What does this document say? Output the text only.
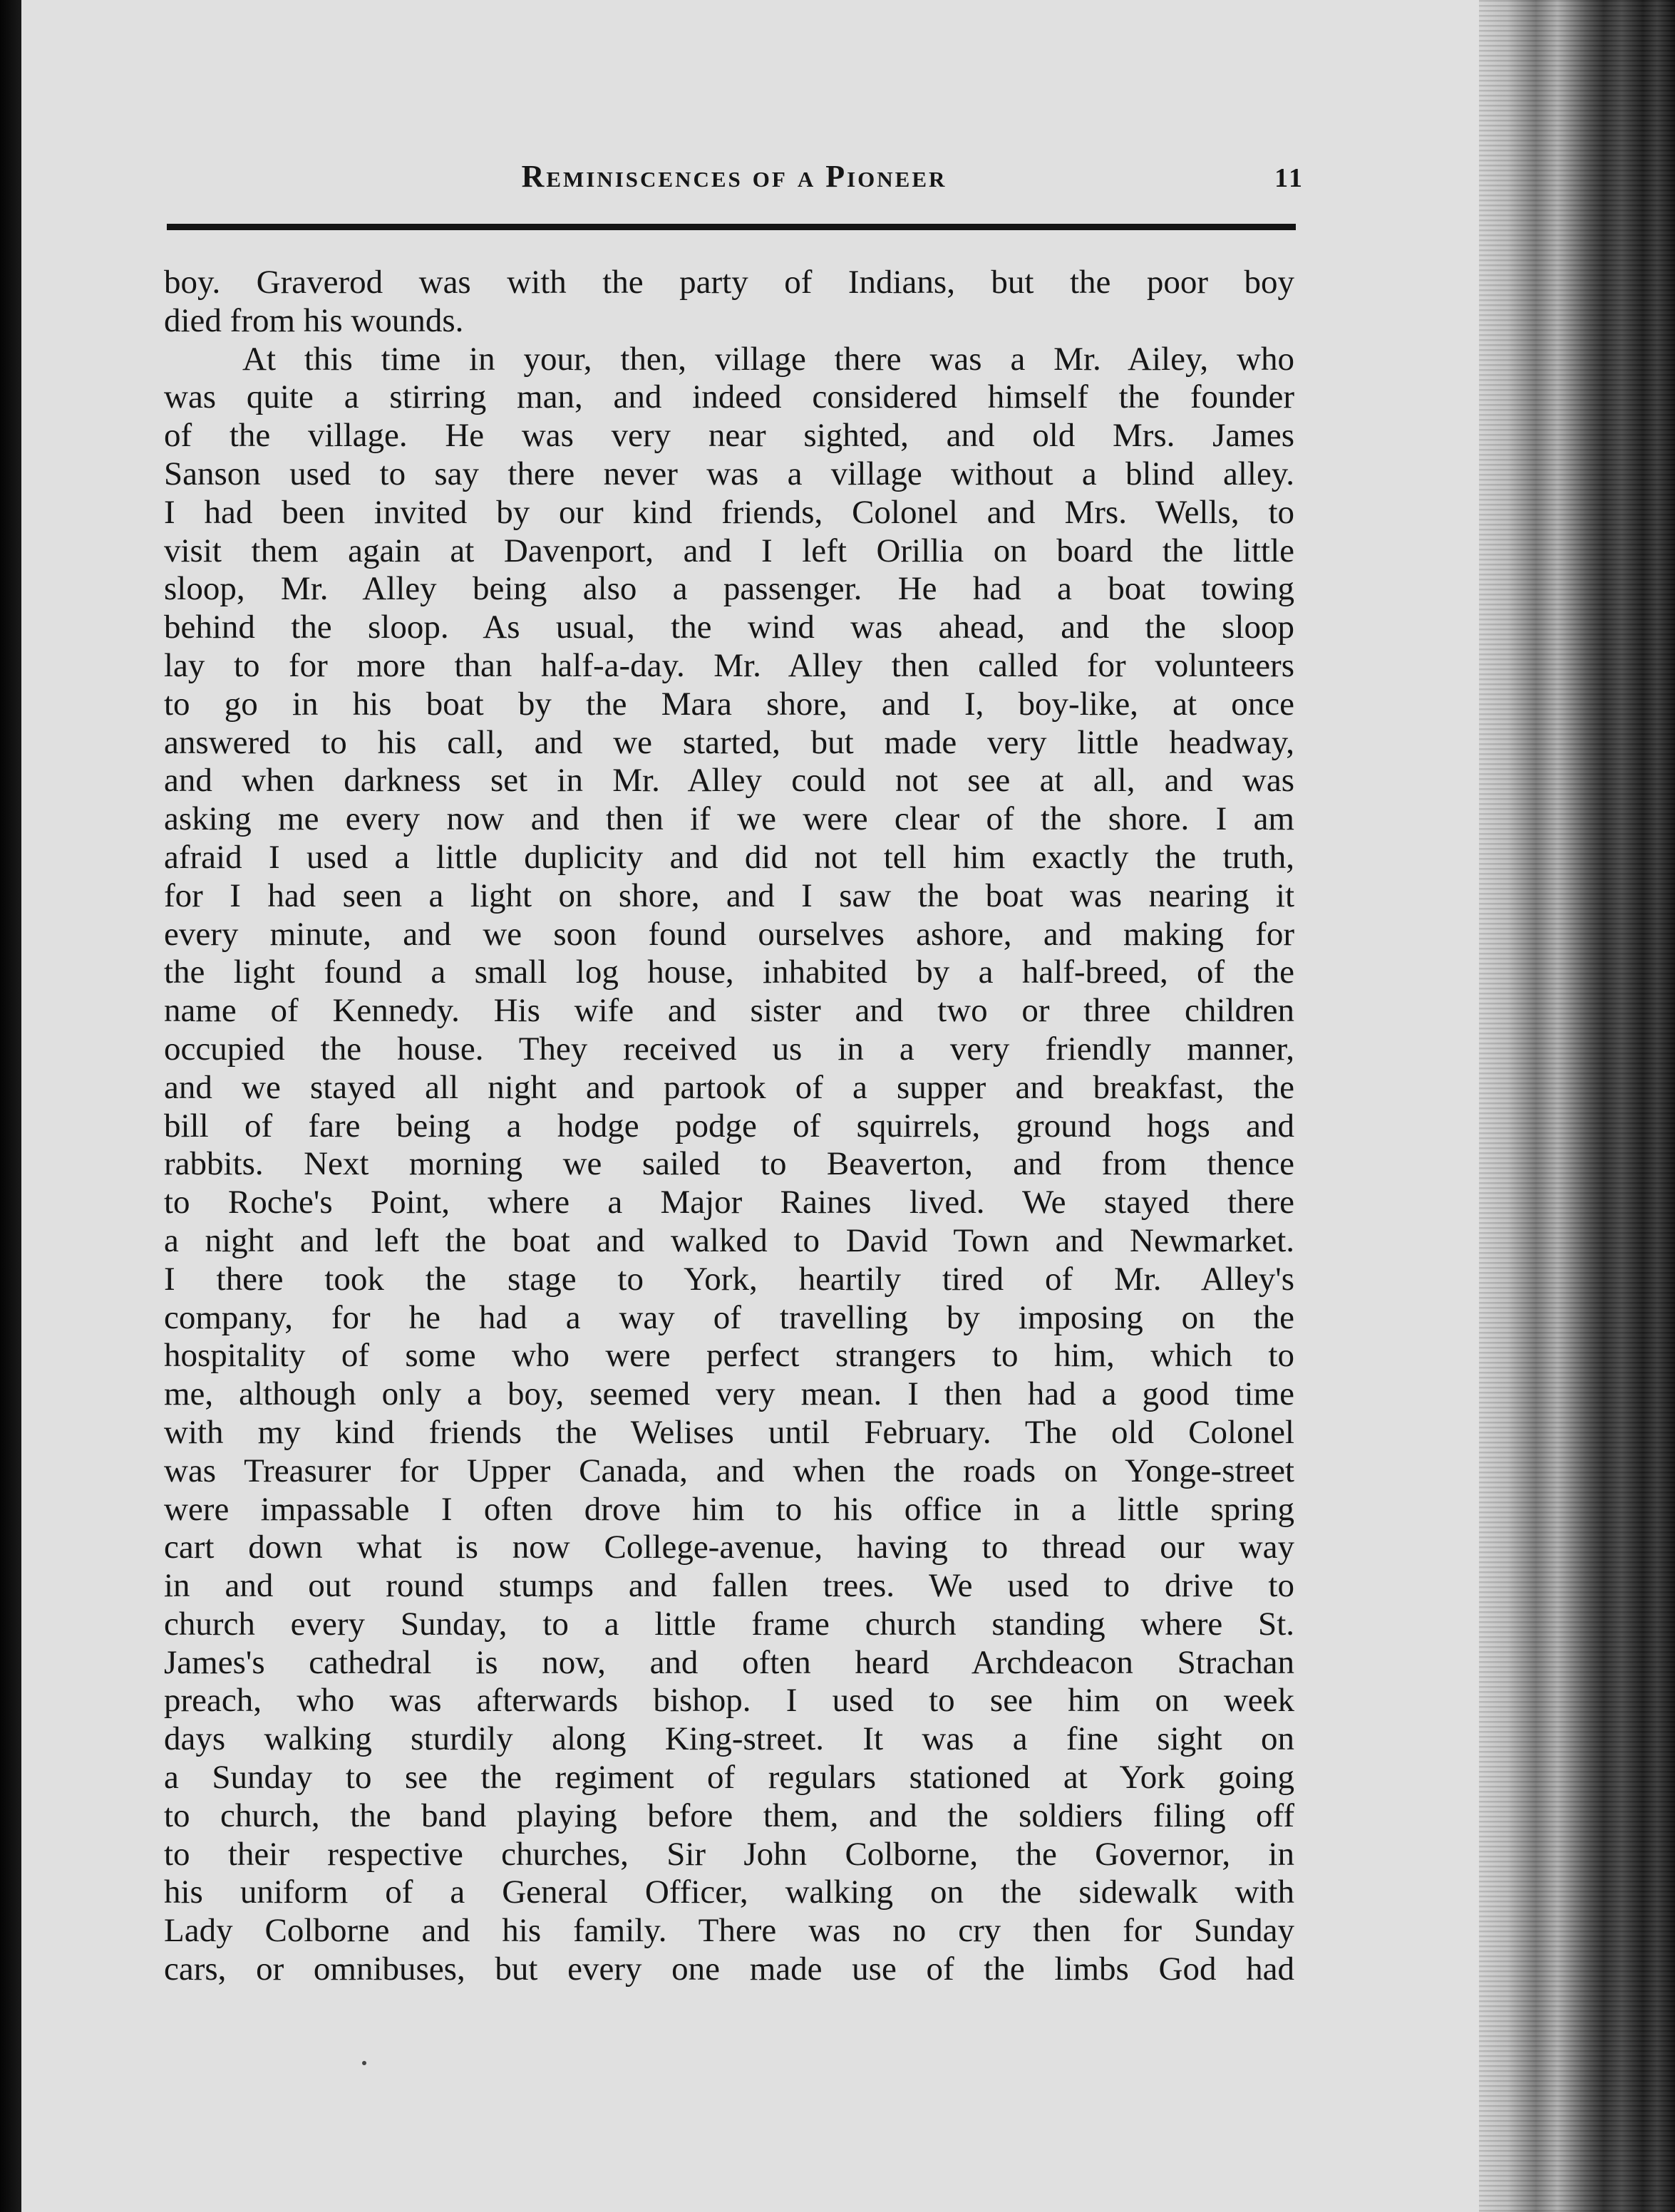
Reminiscences of a Pioneer	11
boy. Graverod was with the party of Indians, but the poor boy
died from his wounds.
At this time in your, then, village there was a Mr. Ailey, who
was quite a stirring man, and indeed considered himself the founder
of the village. He was very near sighted, and old Mrs. James
Sanson used to say there never was a village without a blind alley.
I had been invited by our kind friends, Colonel and Mrs. Wells, to
visit them again at Davenport, and I left Orillia on board the little
sloop, Mr. Alley being also a passenger. He had a boat towing
behind the sloop. As usual, the wind was ahead, and the sloop
lay to for more than half-a-day. Mr. Alley then called for volunteers
to go in his boat by the Mara shore, and I, boy-like, at once
answered to his call, and we started, but made very little headway,
and when darkness set in Mr. Alley could not see at all, and was
asking me every now and then if we were clear of the shore. I am
afraid I used a little duplicity and did not tell him exactly the truth,
for I had seen a light on shore, and I saw the boat was nearing it
every minute, and we soon found ourselves ashore, and making for
the light found a small log house, inhabited by a half-breed, of the
name of Kennedy. His wife and sister and two or three children
occupied the house. They received us in a very friendly manner,
and we stayed all night and partook of a supper and breakfast, the
bill of fare being a hodge podge of squirrels, ground hogs and
rabbits. Next morning we sailed to Beaverton, and from thence
to Roche's Point, where a Major Raines lived. We stayed there
a night and left the boat and walked to David Town and Newmarket.
I there took the stage to York, heartily tired of Mr. Alley's
company, for he had a way of travelling by imposing on the
hospitality of some who were perfect strangers to him, which to
me, although only a boy, seemed very mean. I then had a good time
with my kind friends the Welises until February. The old Colonel
was Treasurer for Upper Canada, and when the roads on Yonge-street
were impassable I often drove him to his office in a little spring
cart down what is now College-avenue, having to thread our way
in and out round stumps and fallen trees. We used to drive to
church every Sunday, to a little frame church standing where St.
James's cathedral is now, and often heard Archdeacon Strachan
preach, who was afterwards bishop. I used to see him on week
days walking sturdily along King-street. It was a fine sight on
a Sunday to see the regiment of regulars stationed at York going
to church, the band playing before them, and the soldiers filing off
to their respective churches, Sir John Colborne, the Governor, in
his uniform of a General Officer, walking on the sidewalk with
Lady Colborne and his family. There was no cry then for Sunday
cars, or omnibuses, but every one made use of the limbs God had
